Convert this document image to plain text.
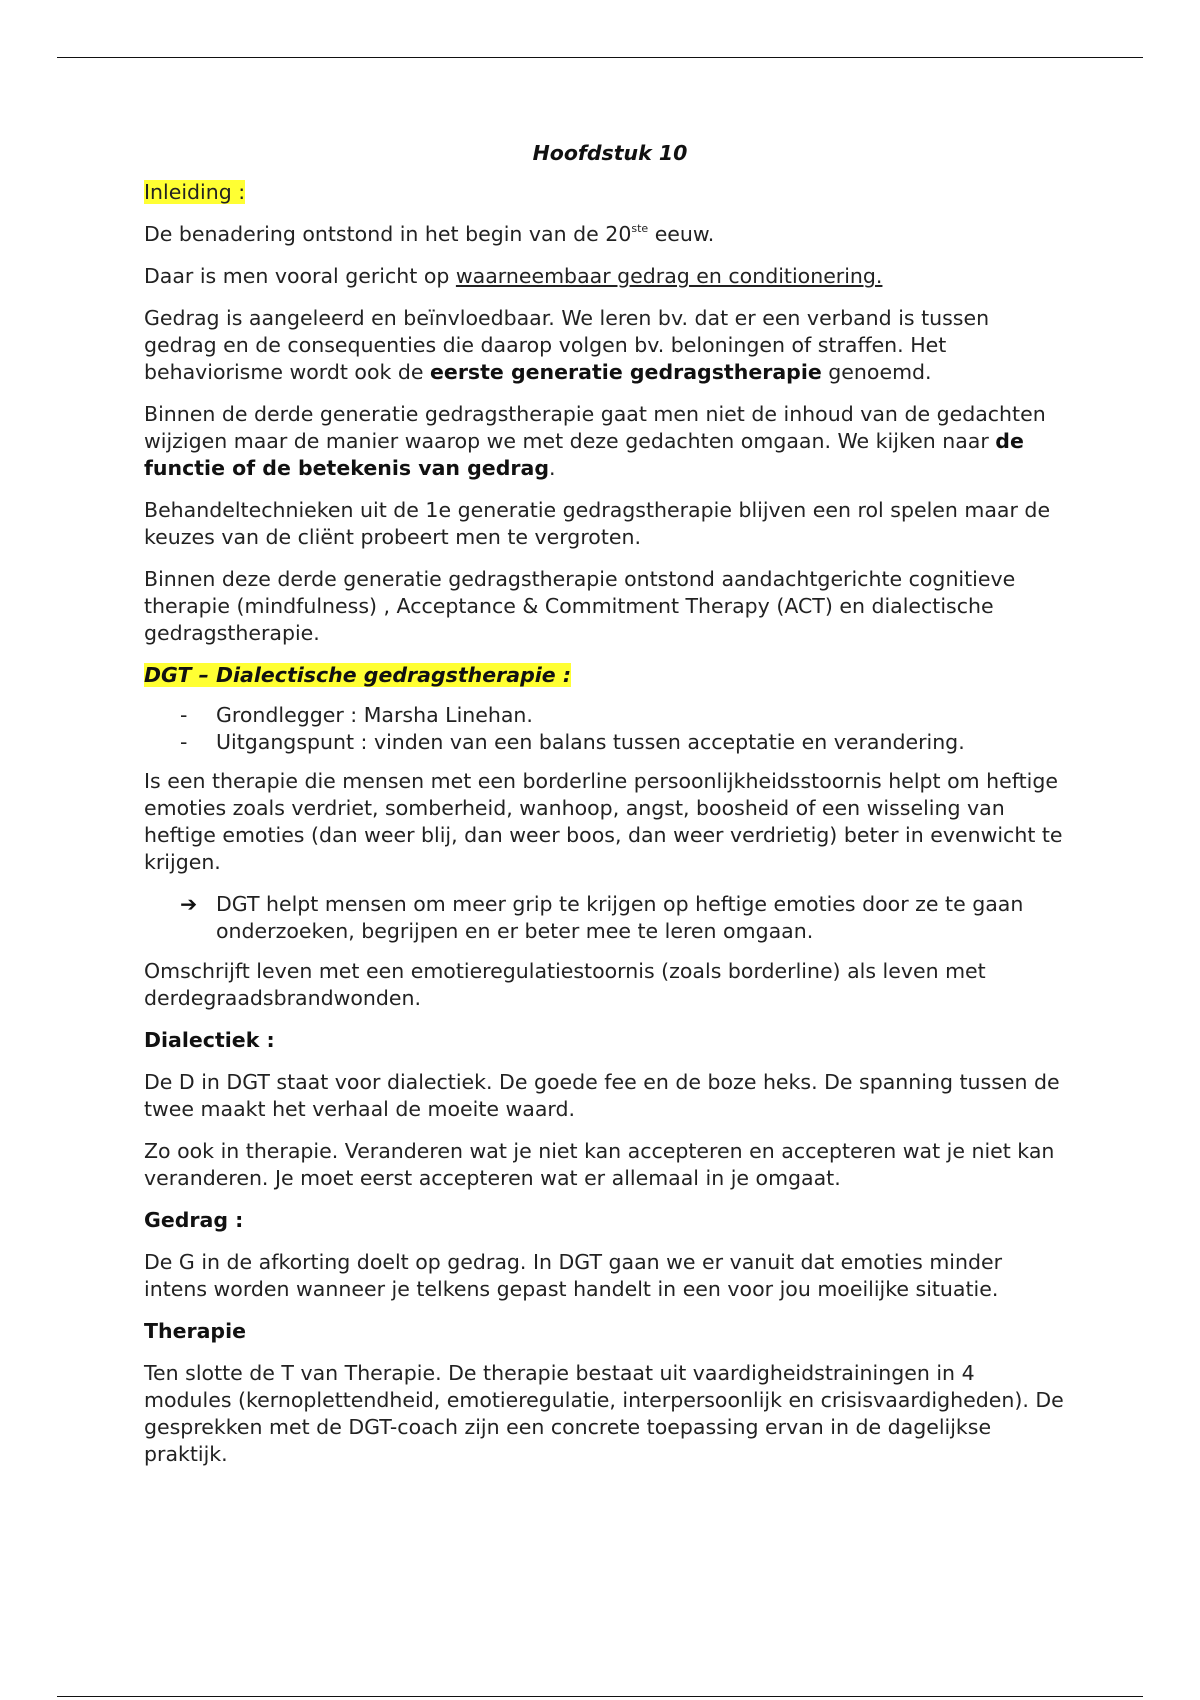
Hoofdstuk 10

Inleiding :

De benadering ontstond in het begin van de 20ste eeuw.

Daar is men vooral gericht op waarneembaar gedrag en conditionering.

Gedrag is aangeleerd en beïnvloedbaar. We leren bv. dat er een verband is tussen gedrag en de consequenties die daarop volgen bv. beloningen of straffen. Het behaviorisme wordt ook de eerste generatie gedragstherapie genoemd.

Binnen de derde generatie gedragstherapie gaat men niet de inhoud van de gedachten wijzigen maar de manier waarop we met deze gedachten omgaan. We kijken naar de functie of de betekenis van gedrag.

Behandeltechnieken uit de 1e generatie gedragstherapie blijven een rol spelen maar de keuzes van de cliënt probeert men te vergroten.

Binnen deze derde generatie gedragstherapie ontstond aandachtgerichte cognitieve therapie (mindfulness) , Acceptance & Commitment Therapy (ACT) en dialectische gedragstherapie.

DGT – Dialectische gedragstherapie :

- Grondlegger : Marsha Linehan.
- Uitgangspunt : vinden van een balans tussen acceptatie en verandering.

Is een therapie die mensen met een borderline persoonlijkheidsstoornis helpt om heftige emoties zoals verdriet, somberheid, wanhoop, angst, boosheid of een wisseling van heftige emoties (dan weer blij, dan weer boos, dan weer verdrietig) beter in evenwicht te krijgen.

➔ DGT helpt mensen om meer grip te krijgen op heftige emoties door ze te gaan onderzoeken, begrijpen en er beter mee te leren omgaan.

Omschrijft leven met een emotieregulatiestoornis (zoals borderline) als leven met derdegraadsbrandwonden.

Dialectiek :

De D in DGT staat voor dialectiek. De goede fee en de boze heks. De spanning tussen de twee maakt het verhaal de moeite waard.

Zo ook in therapie. Veranderen wat je niet kan accepteren en accepteren wat je niet kan veranderen. Je moet eerst accepteren wat er allemaal in je omgaat.

Gedrag :

De G in de afkorting doelt op gedrag. In DGT gaan we er vanuit dat emoties minder intens worden wanneer je telkens gepast handelt in een voor jou moeilijke situatie.

Therapie

Ten slotte de T van Therapie. De therapie bestaat uit vaardigheidstrainingen in 4 modules (kernoplettendheid, emotieregulatie, interpersoonlijk en crisisvaardigheden). De gesprekken met de DGT-coach zijn een concrete toepassing ervan in de dagelijkse praktijk.
